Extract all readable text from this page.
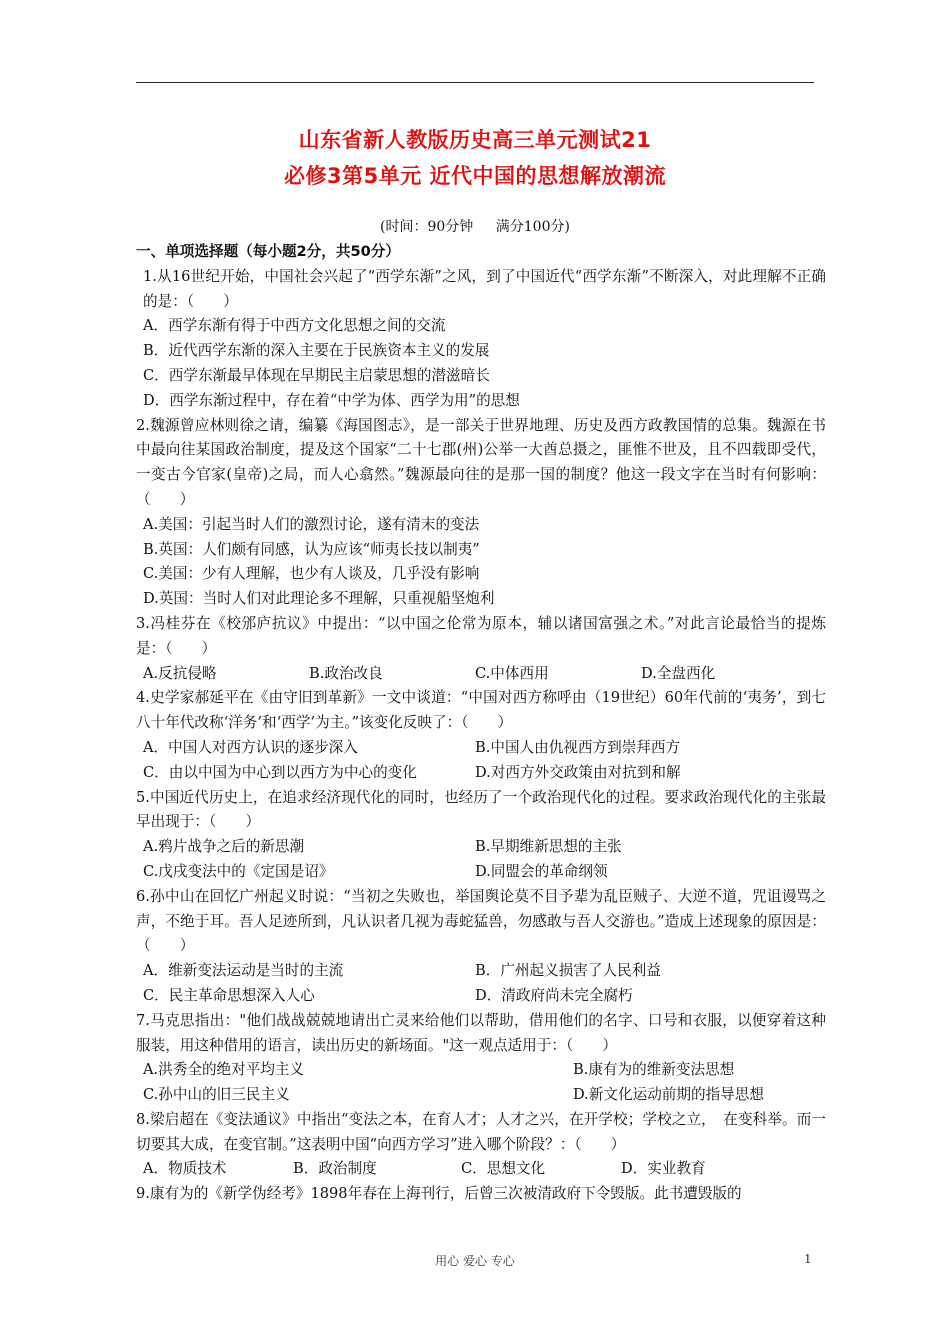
山东省新人教版历史高三单元测试21
必修3第5单元 近代中国的思想解放潮流
(时间：90分钟 满分100分)
一、单项选择题（每小题2分，共50分）
1.从16世纪开始，中国社会兴起了“西学东渐”之风，到了中国近代“西学东渐”不断深入，对此理解不正确的是：（　　）
A．西学东渐有得于中西方文化思想之间的交流
B．近代西学东渐的深入主要在于民族资本主义的发展
C．西学东渐最早体现在早期民主启蒙思想的潜滋暗长
D．西学东渐过程中，存在着“中学为体、西学为用”的思想
2.魏源曾应林则徐之请，编纂《海国图志》，是一部关于世界地理、历史及西方政教国情的总集。魏源在书中最向往某国政治制度，提及这个国家“二十七郡(州)公举一大酋总摄之，匪惟不世及，且不四载即受代，一变古今官家(皇帝)之局，而人心翕然。”魏源最向往的是那一国的制度？他这一段文字在当时有何影响：（　　）
A.美国：引起当时人们的激烈讨论，遂有清末的变法
B.英国：人们颇有同感，认为应该“师夷长技以制夷”
C.美国：少有人理解，也少有人谈及，几乎没有影响
D.英国：当时人们对此理论多不理解，只重视船坚炮利
3.冯桂芬在《校邠庐抗议》中提出：“以中国之伦常为原本，辅以诸国富强之术。”对此言论最恰当的提炼是：（　　）
A.反抗侵略	B.政治改良	C.中体西用	D.全盘西化
4.史学家郝延平在《由守旧到革新》一文中谈道：“中国对西方称呼由（19世纪）60年代前的‘夷务’，到七八十年代改称‘洋务’和‘西学’为主。”该变化反映了：（　　）
A．中国人对西方认识的逐步深入	B.中国人由仇视西方到崇拜西方
C．由以中国为中心到以西方为中心的变化	D.对西方外交政策由对抗到和解
5.中国近代历史上，在追求经济现代化的同时，也经历了一个政治现代化的过程。要求政治现代化的主张最早出现于：（　　）
A.鸦片战争之后的新思潮	B.早期维新思想的主张
C.戊戌变法中的《定国是诏》	D.同盟会的革命纲领
6.孙中山在回忆广州起义时说：“当初之失败也，举国舆论莫不目予辈为乱臣贼子、大逆不道，咒诅谩骂之声，不绝于耳。吾人足迹所到，凡认识者几视为毒蛇猛兽，勿感敢与吾人交游也。”造成上述现象的原因是：（　　）
A．维新变法运动是当时的主流	B．广州起义损害了人民利益
C．民主革命思想深入人心	D．清政府尚未完全腐朽
7.马克思指出："他们战战兢兢地请出亡灵来给他们以帮助，借用他们的名字、口号和衣服，以便穿着这种服装，用这种借用的语言，读出历史的新场面。"这一观点适用于：（　　）
A.洪秀全的绝对平均主义	B.康有为的维新变法思想
C.孙中山的旧三民主义	D.新文化运动前期的指导思想
8.梁启超在《变法通议》中指出“变法之本，在育人才；人才之兴，在开学校；学校之立，　在变科举。而一切要其大成，在变官制。”这表明中国“向西方学习”进入哪个阶段？：（　　）
A．物质技术	B．政治制度	C．思想文化	D．实业教育
9.康有为的《新学伪经考》1898年春在上海刊行，后曾三次被清政府下令毁版。此书遭毁版的
用心 爱心 专心	1
